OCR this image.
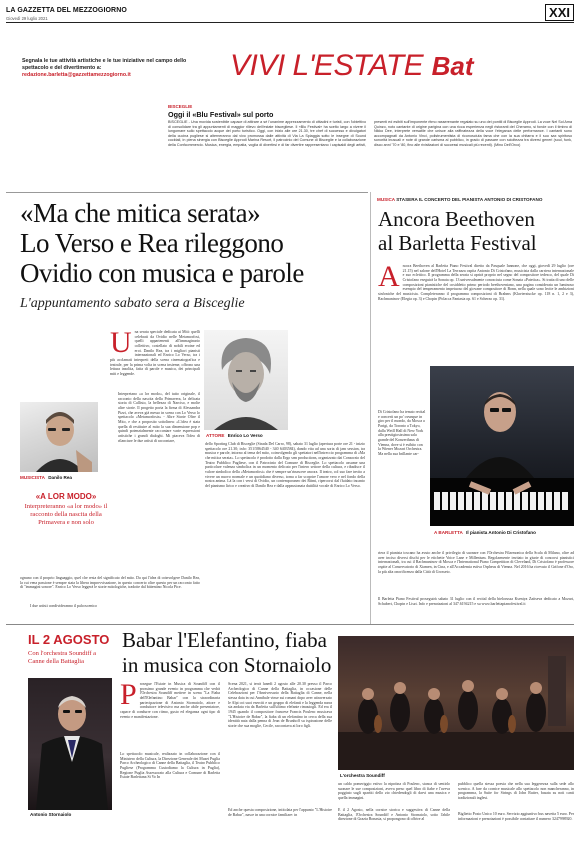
LA GAZZETTA DEL MEZZOGIORNO
Giovedì 29 luglio 2021	XXI
Segnala le tue attività artistiche e le tue iniziative nel campo dello spettacolo e del divertimento a: redazione.barletta@gazzettamezzogiorno.it	VIVI L'ESTATE Bat
BISCEGLIE
Oggi il «Blu Festival» sul porto
BISCEGLIE - Una movida sostenibile capace di attirare a sé l'unanime apprezzamento di cittadini e turisti, con l'obiettivo di consolidare tra gli appuntamenti di maggior rilievo dell'estate biscegliese. Il «Blu Festival» ha scelto largo a vivere il lungomare sullo spettacolo acque del porto turistico. Oggi, con inizio alle ore 21.30, tre chef di successo e divulgatori della cucina pugliese si alterneranno dal vivo promossa dalle attività di Via La Spiaggia sotto le insegne di Sound cocktail, in piena sinergia con Bisceglie Approdi Marina Resort, il patrocinio del Comune di Bisceglie e la collaborazione della Confcommercio. Musica, energia, empatia, voglia di divertirsi e di far divertire rappresentano i capisaldi degli artisti, presenti ed esibiti sull'imponente ritmo rasserenante regalato su uno dei pontili di Bisceglie Approdi. La voce Nel Sol Ama Quinzo, noto cantante di origine parigina con una ricca esperienza negli ristoranti del Cheramo, si fonde con il timbro di Nikko Dee, interprete versatile che unisce alla raffinatezza della voce l'eleganza delle performance. I cantanti sono accompagnati da Antonio Vinci, polistrumentista di riconosciuta fama che con la sua chitarra e il suo sax spiritoso sonorità inusuali e note di grande carisma al pubblico, in grado di passare con scioltezza tra diversi generi (soul, funk, disco anni '70 e '80, fino alle rivisitazioni di successi musicali più recenti). (Mino Dell'Orco)
«Ma che mitica serata»
Lo Verso e Rea rileggono
Ovidio con musica e parole
L'appuntamento sabato sera a Bisceglie
MUSICISTA Danilo Rea
«A LOR MODO»
Interpreteranno «a lor modo» il racconto della nascita della Primavera e non solo
U na serata speciale dedicata ai Miti: quelli celebrati da Ovidio nelle Metamorfosi, quelli appartenenti all'immaginario collettivo, costellato di nobili eroine ed eroi. Danilo Rea, tra i migliori pianisti internazionali ed Enrico Lo Verso, tra i più acclamati interpreti della scena cinematografica e teatrale, per la prima volta in scena insieme, offrono una lettura insolita, fatta di parole e musica, dei principali miti e leggende.
Interpretano «a lor modo», del tutto originale, il racconto della nascita della Primavera, la delicata storia di Callisto, la bellezza di Narciso, e molte altre storie. Il progetto porta la firma di Alessandra Pizzi, che aveva già messo in scena con Lo Verso lo spettacolo «Metamorfosis» - Altre Storie Oltre il Mito, e che a proposito sottolinea: «L'idea è stata quella di restituire al mito la sua dimensione pop e quindi potenzialmente raccontare varie espressioni artistiche i grandi dialoghi. Mi piaceva l'idea di rilanciare le due artisti di raccontare,
ognuno con il proprio linguaggio, quel che resta del significato del mito. Da qui l'idea di coinvolgere Danilo Rea, la cui vena passione è sempre stata la libera improvvisazione, in questo concerto oltre questo per un racconto fatto di "immagini sonore". Enrico Lo Verso leggerà le storie mitologiche, tradotte dal bittentino Nicola Pice.
I due artisti condivideranno il palcoscenico
ATTORE Enrico Lo Verso
dello Sporting Club di Bisceglie (Strada Del Carro, 98), sabato 31 luglio (apertura porte ore 21 - inizio spettacolo ore 21.30; info: 351/5864540 - 340 6403584), dando vita ad una sorta di jam session, tra musica e parole, intorno al tema del mito, coinvolgendo gli spettatori nell'intreccio programma di «Ma che mitica serata». Lo spettacolo è prodotto dalla Ergo srm productions, organizzato dai Consorzio del Teatro Pubblico Pugliese, con il Patrocinio del Comune di Bisceglie. Lo spettacolo assume una particolare valenza simbolica in un momento delicato per l'intero settore della cultura, e ribadisce il valore simbolico della «Metamorfosi» che è sempre un'rinascere ancora. Il teatro, col suo fare invito a vivere un nuovo normale e un quotidiano diverso, torna a far scoprire l'amore vero e nel fondo della nostra anima. Là la con i versi di Ovidio, un contemporaneo dei Ritmi, ripercorsi dal fluidato incanto del pianismo lirico e creativo di Danilo Rea e dalla appassionata duttilità vocale di Enrico Lo Verso.
MUSICA STASERA IL CONCERTO DEL PIANISTA ANTONIO DI CRISTOFANO
Ancora Beethoven
al Barletta Festival
A ncora Beethoven al Barletta Piano Festival diretto da Pasquale Iannone, che oggi, giovedì 29 luglio (ore 21.15) nel salone dell'Hotel La Terrazza ospita Antonio Di Cristofano, musicista dalla carriera internazionale e suo eclettico. Il programma della serata si aprirà proprio nel segno del compositore tedesco, del quale Di Cristofano eseguirà la Sonata op. 13 universalmente conosciuta come Sonata «Patetica». Si tratta di uno delle composizioni pianistiche del cosiddetto primo periodo beethoveniano, una pagina considerata un luminoso esempio del temperamento impetuoso del giovane compositore di Bonn, nella quale sono lecite le ambizioni sinfoniche del musicista. Completeranno il programma composizioni di Brahms (Klavierstucke op. 118 n. 1, 2 e 3), Rachmaninov (Elegia op. 3) e Chopin (Polacca Fantasia op. 61 e Scherzo op. 31).
Di Cristofano ha tenuto recital e concerti un po' ovunque in giro per il mondo, da Mosca a Parigi, da Toronto a Tokyo, dalla Weill Hall di New York alla prestigiosissima sala grande del Konzerthaus di Vienna, dove si è esibito con la Wiener Mozart Orchestra. Ma nella sua brillante car-
A BARLETTA Il pianista Antonio Di Cristofano
riera il pianista toscano ha avuto anche il privilegio di suonare con l'Orchestra Filarmonica della Scala di Milano, oltre ad aver inciso diversi dischi per le etichette Voice Lane e Millenium. Regolarmente invitato in giurie di concorsi pianistici internazionali, tra cui il Rachmaninov di Mosca e l'International Piano Competition di Cleveland, Di Cristofano è professore ospite al Conservatorio di Xiamen, in Cina, e all'Accademia estiva Orpheus di Vienna. Nel 2016 ha ricevuto il Grifone d'Oro, la più alta onorificenza dalla Città di Grosseto.
Il Barletta Piano Festival proseguirà sabato 31 luglio con il recital della bielorussa Kseniya Zaitseva dedicato a Mozart, Schubert, Chopin e Liszt. Info e prenotazioni al 347.6194215 e su www.barlettapianofestival.it
IL 2 AGOSTO
Con l'orchestra Soundiff a Canne della Battaglia
Babar l'Elefantino, fiaba
in musica con Stornaiolo
Antonio Stornaiolo
P rosegue l'Estate in Musica di Soundiff con il prossimo grande evento in programma che vedrà l'Orchestra Soundiff mettere in scena "La Fiaba dell'Elefantino Babar" con la straordinaria partecipazione di Antonio Stornaiolo, attore e conduttore televisivo ma anche abile presentatore, capace di condurre con ritmo, gusto ed eleganza ogni tipo di evento e manifestazione.
Lo spettacolo musicale, realizzato in collaborazione con il Ministero della Cultura, la Direzione Generale dei Musei Puglia Parco Archeologico di Canne della Battaglia, il Teatro Pubblico Pugliese (Programma Custodiamo la Cultura in Puglia), Regione Puglia Assessorato alla Cultura e Comune di Barletta Estate Barlettana Si Vo In
Scena 2021, si terrà lunedì 2 agosto alle 20.30 presso il Parco Archeologico di Canne della Battaglia, in occasione delle Celebrazioni per l'Anniversario della Battaglia di Canne, nella stessa data in cui Annibale vinse sui romani dopo aver attraversato le Alpi coi suoi eserciti e un gruppo di elefanti e la leggenda narra sia andata via da Barletta sull'ultimo elefante rimastogli. Ed era il 1945 quando il compositore francese Francis Poulenc musicava "L'Histoire de Babar", la fiaba di un elefantino in cerca della sua identità nata dalla penna di Jean de Brunhoff su ispirazione delle storie che sua moglie, Cecile, raccontava ai loro figli.
Ed anche questa composizione, intitolata per l'appunto "L'Histoire de Babar", nasce in una cornice familiare: in
L'orchestra Soundiff
un caldo pomeriggio estivo la nipotina di Poulenc, stanca di sentirlo suonare le sue composizioni, aveva preso quel libro di fiabe e l'aveva poggiato sugli spartiti dello zio chiedendogli di darvi una musica e quella immagini.
E il 2 Agosto, nella cornice storica e suggestiva di Canne della Battaglia, l'Orchestra Soundiff e Antonio Stornaiolo, sotto l'abile direzione di Grazia Bonasia, si propongono di offrire al
pubblico quella stessa poesia che nella sua leggerezza sulla sede allo scenico. A fare da cornice musicale allo spettacolo non mancheranno, in programma, la Suite for Strings di John Rutter, basata su noti canti tradizionali inglesi.
Biglietto Posto Unico 10 euro. Servizio aggiuntivo bus navetta 5 euro. Per informazioni e prenotazioni è possibile contattare il numero 3247998920.
